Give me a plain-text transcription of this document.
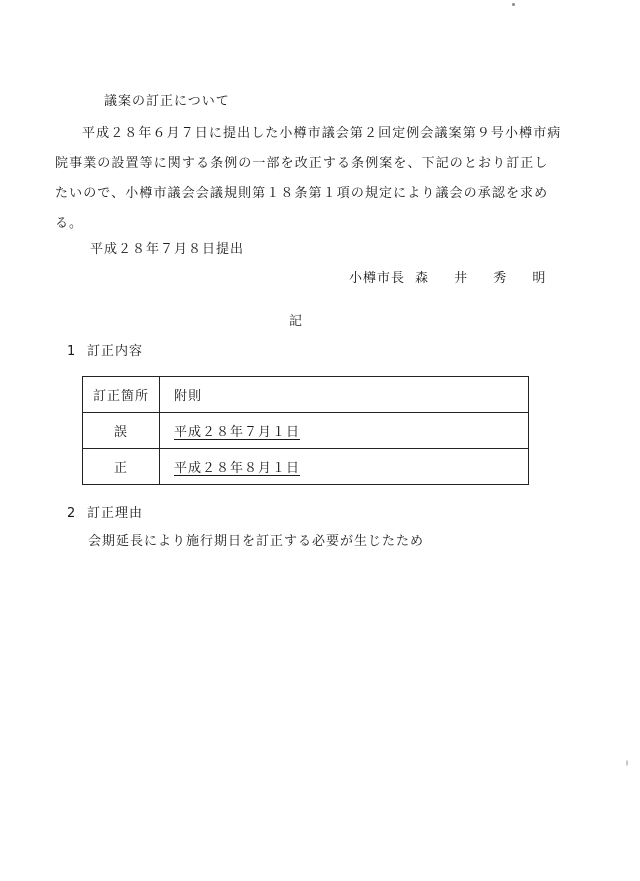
議案の訂正について
平成２８年６月７日に提出した小樽市議会第２回定例会議案第９号小樽市病
院事業の設置等に関する条例の一部を改正する条例案を、下記のとおり訂正し
たいので、小樽市議会会議規則第１８条第１項の規定により議会の承認を求め
る。
平成２８年７月８日提出
小樽市長 森 井 秀 明
記
1 訂正内容
訂正箇所	附則
誤	平成２８年７月１日
正	平成２８年８月１日
2 訂正理由
会期延長により施行期日を訂正する必要が生じたため
